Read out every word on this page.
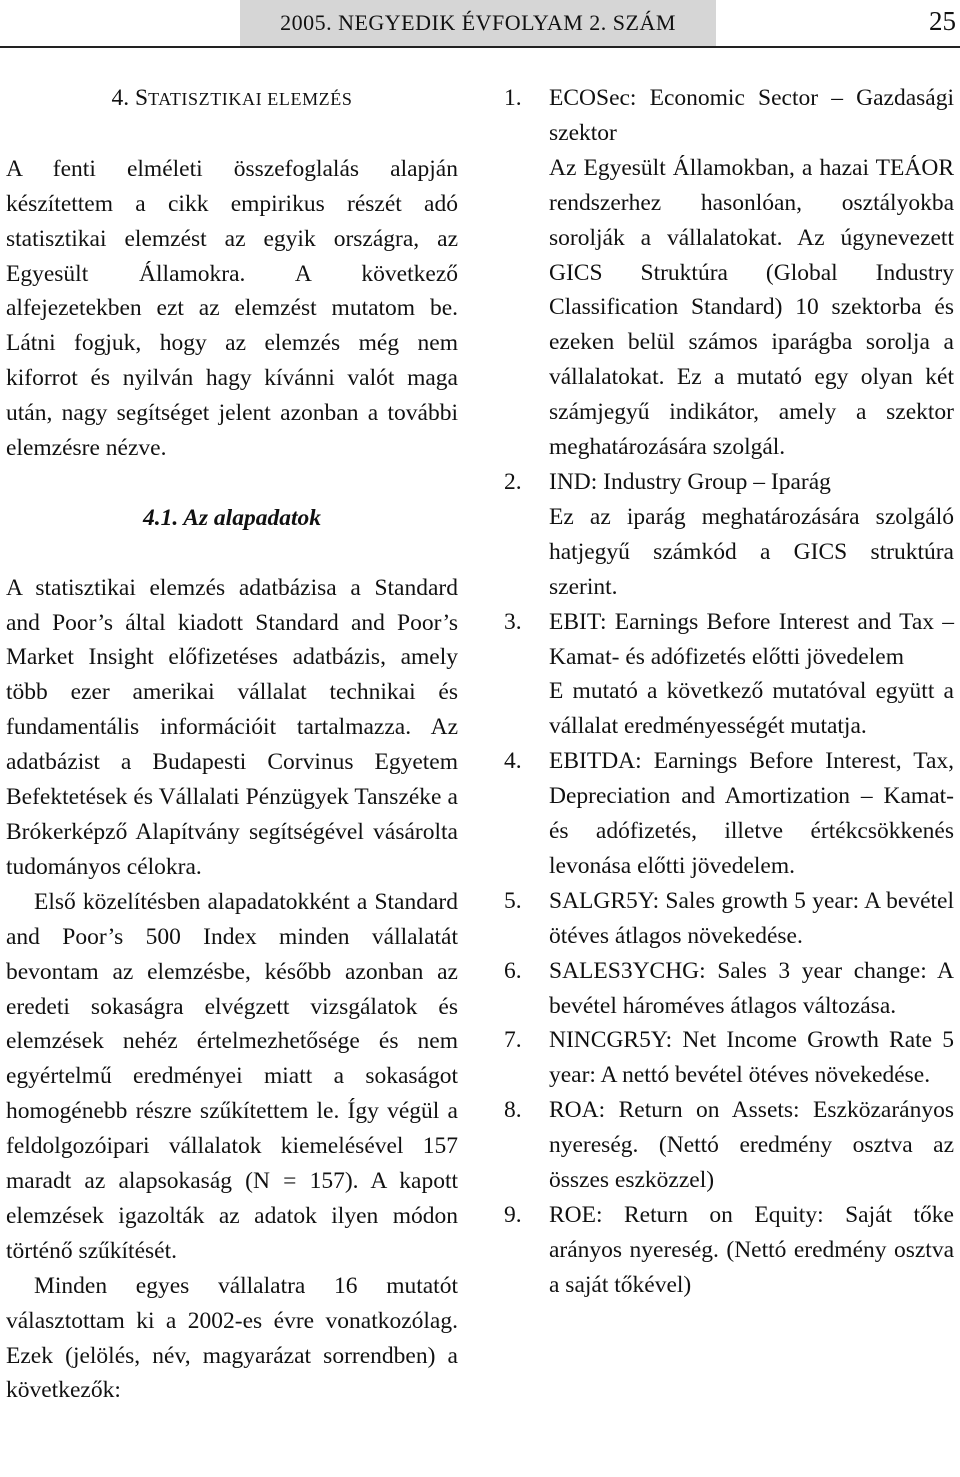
2005. NEGYEDIK ÉVFOLYAM 2. SZÁM	25
4. STATISZTIKAI ELEMZÉS

A fenti elméleti összefoglalás alapján készítettem a cikk empirikus részét adó statisztikai elemzést az egyik országra, az Egyesült Államokra. A következő alfejezetekben ezt az elemzést mutatom be. Látni fogjuk, hogy az elemzés még nem kiforrot és nyilván hagy kívánni valót maga után, nagy segítséget jelent azonban a további elemzésre nézve.

4.1. Az alapadatok

A statisztikai elemzés adatbázisa a Standard and Poor’s által kiadott Standard and Poor’s Market Insight előfizetéses adatbázis, amely több ezer amerikai vállalat technikai és fundamentális információit tartalmazza. Az adatbázist a Budapesti Corvinus Egyetem Befektetések és Vállalati Pénzügyek Tanszéke a Brókerképző Alapítvány segítségével vásárolta tudományos célokra.

Első közelítésben alapadatokként a Standard and Poor’s 500 Index minden vállalatát bevontam az elemzésbe, később azonban az eredeti sokaságra elvégzett vizsgálatok és elemzések nehéz értelmezhetősége és nem egyértelmű eredményei miatt a sokaságot homogénebb részre szűkítettem le. Így végül a feldolgozóipari vállalatok kiemelésével 157 maradt az alapsokaság (N = 157). A kapott elemzések igazolták az adatok ilyen módon történő szűkítését.

Minden egyes vállalatra 16 mutatót választottam ki a 2002-es évre vonatkozólag. Ezek (jelölés, név, magyarázat sorrendben) a következők:

1.	ECOSec: Economic Sector – Gazdasági szektor
Az Egyesült Államokban, a hazai TEÁOR rendszerhez hasonlóan, osztályokba sorolják a vállalatokat. Az úgynevezett GICS Struktúra (Global Industry Classification Standard) 10 szektorba és ezeken belül számos iparágba sorolja a vállalatokat. Ez a mutató egy olyan két számjegyű indikátor, amely a szektor meghatározására szolgál.
2.	IND: Industry Group – Iparág
Ez az iparág meghatározására szolgáló hatjegyű számkód a GICS struktúra szerint.
3.	EBIT: Earnings Before Interest and Tax – Kamat- és adófizetés előtti jövedelem
E mutató a következő mutatóval együtt a vállalat eredményességét mutatja.
4.	EBITDA: Earnings Before Interest, Tax, Depreciation and Amortization – Kamat- és adófizetés, illetve értékcsökkenés levonása előtti jövedelem.
5.	SALGR5Y: Sales growth 5 year: A bevétel ötéves átlagos növekedése.
6.	SALES3YCHG: Sales 3 year change: A bevétel hároméves átlagos változása.
7.	NINCGR5Y: Net Income Growth Rate 5 year: A nettó bevétel ötéves növekedése.
8.	ROA: Return on Assets: Eszközarányos nyereség. (Nettó eredmény osztva az összes eszközzel)
9.	ROE: Return on Equity: Saját tőke arányos nyereség. (Nettó eredmény osztva a saját tőkével)
